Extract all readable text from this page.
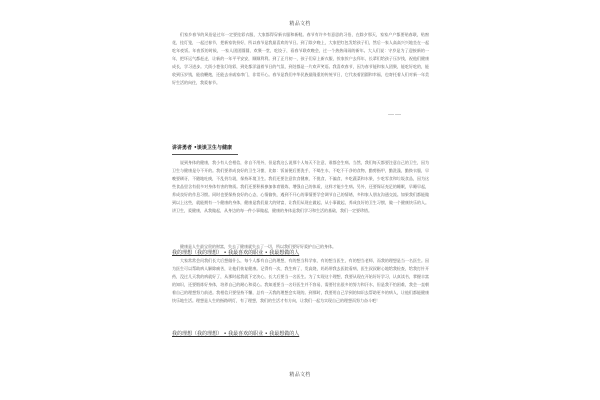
精品文档

们家乡春节的风俗是过年一定要挂彩衣服，大家都得穿新衣服和新鞋。春节有许多有意思的习俗，在除夕那天，家家户户都要贴春联，贴窗花，挂灯笼，一起过春节，把新家装扮好，所以春节是我最喜欢的节日。到了除夕晚上，大家把红包发给孩子们，然后一家人高高兴兴地坐在一起吃年夜饭。年夜饭的时候，一家人团团圆圆，欢聚一堂，吃饺子，看春节联欢晚会，过一个热热闹闹的新年。大人们说：守岁是为了迎接新的一年，把坏运气都赶走，让新的一年平平安安，顺顺利利。到了正月初一，孩子们穿上新衣服，挨家挨户去拜年，长辈们给孩子压岁钱，祝他们健康成长，学习进步。大街小巷张灯结彩，到处都洋溢着节日的气氛，到处都是一片欢声笑语。我喜欢春节，因为春节能和家人团聚，能吃好吃的，能收到压岁钱，能放鞭炮，还能去亲戚家串门，非常开心。春节是我们中华民族最隆重的传统节日，它代表着团圆和幸福，也寄托着人们对新一年美好生活的向往，我爱春节。

……
讲讲勇者 •谈谈卫生与健康

说到身体的健康，我小有人会相信，你自不用外，但是我这么说那个人每天不注意，谁都会生病。当然，我们每天都要注意自己的卫生，因为卫生与健康是分不开的。我们要养成良好的卫生习惯，比如：饭前便后要洗手，不喝生水，不吃不干净的食物，勤剪指甲，勤洗澡，勤换衣服，早晚要刷牙，不随地吐痰，不乱扔垃圾，保持环境卫生。我们还要注意饮食健康，不挑食，不偏食，多吃蔬菜和水果，少吃零食和垃圾食品，因为这些食品里含有很多对身体有害的物质。我们还要积极参加体育锻炼，增强自己的体质，这样才能少生病。另外，还要保证充足的睡眠，早睡早起，养成良好的作息习惯。同时也要保持良好的心态，心情愉快，遇到不开心的事情要学会调节自己的情绪，多和家人朋友沟通交流。如果我们都能做到以上这些，就能拥有一个健康的身体，健康是我们最大的财富，让我们从现在做起，从小事做起，养成良好的卫生习惯，做一个健康快乐的人。讲卫生，爱健康，从我做起，从身边的每一件小事做起，健康的身体是我们学习和生活的基础，我们一定要珍惜。

健康是人生最宝贵的财富，失去了健康就失去了一切，所以我们要好好爱护自己的身体。

我的理想（我的理想） • 我最喜欢的职业 • 我最想做的人

大家常常会问我们长大后想做什么，每个人都有自己的理想，有的想当科学家，有的想当医生，有的想当老师，而我的理想是当一名医生。因为医生可以帮助病人解除痛苦，让他们恢复健康。记得有一次，我生病了，发高烧，妈妈带我去医院看病，医生叔叔耐心地给我检查，给我打针开药，没过几天我的病就好了，从那时起我就下定决心，长大后要当一名医生。为了实现这个理想，我要从现在开始好好学习，认真读书，掌握丰富的知识，还要锻炼好身体，培养自己的耐心和爱心。我知道要当一名好医生并不容易，需要付出很多的努力和汗水，但是我不怕困难，我会一直朝着自己的理想努力前进。我相信只要坚持不懈，总有一天我的理想会实现的。到那时，我要用自己学到的知识去帮助更多的病人，让他们都能健康快乐地生活。理想是人生的指路明灯，有了理想，我们的生活才有方向，让我们一起为实现自己的理想而努力奋斗吧！

我的理想（我的理想） • 我最喜欢的职业 • 我最想做的人
精品文档
